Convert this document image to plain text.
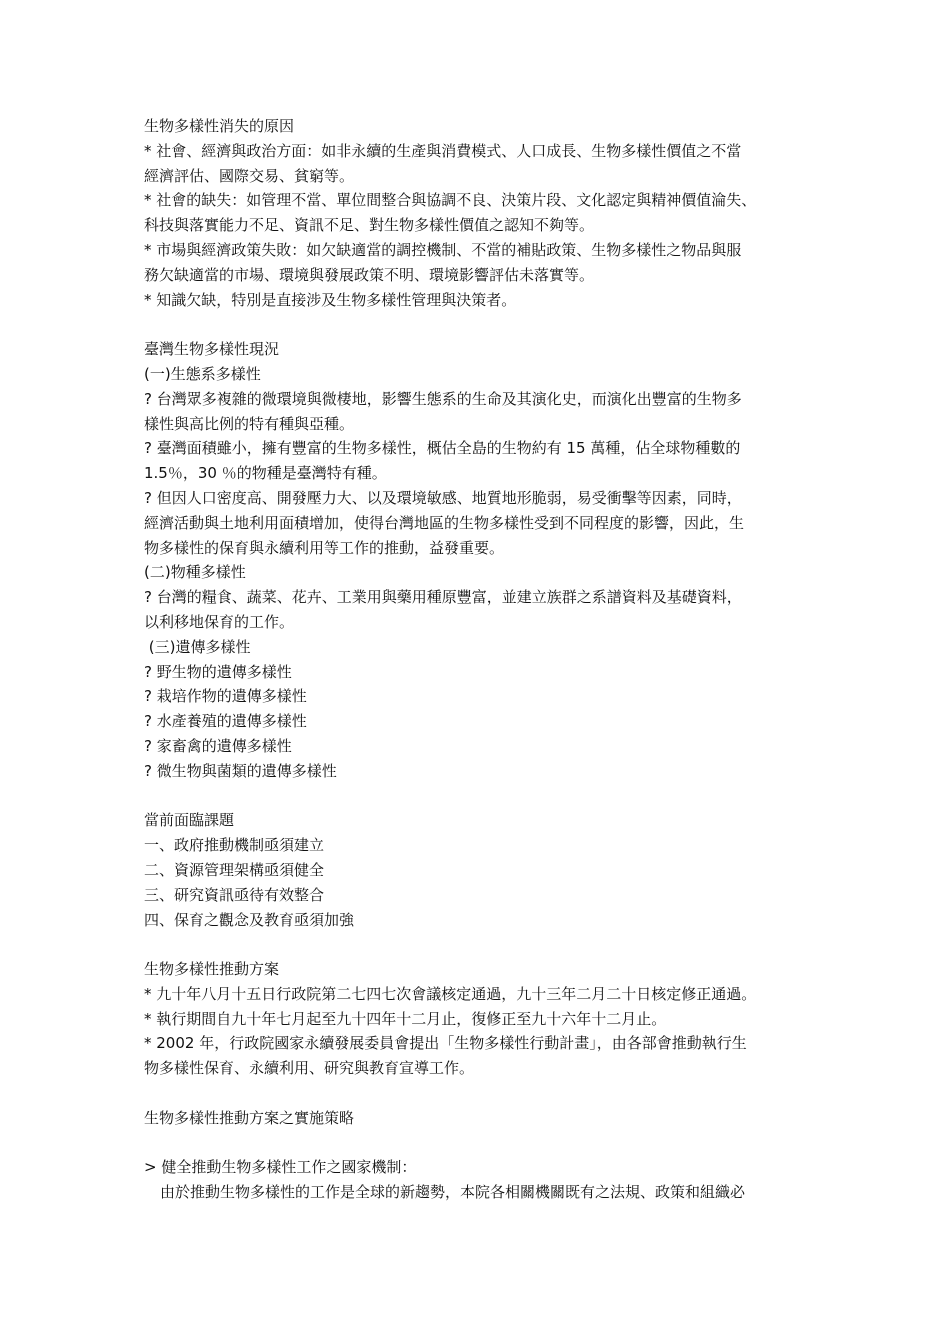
生物多樣性消失的原因
* 社會、經濟與政治方面：如非永續的生產與消費模式、人口成長、生物多樣性價值之不當
經濟評估、國際交易、貧窮等。
* 社會的缺失：如管理不當、單位間整合與協調不良、決策片段、文化認定與精神價值淪失、
科技與落實能力不足、資訊不足、對生物多樣性價值之認知不夠等。
* 市場與經濟政策失敗：如欠缺適當的調控機制、不當的補貼政策、生物多樣性之物品與服
務欠缺適當的市場、環境與發展政策不明、環境影響評估未落實等。
* 知識欠缺，特別是直接涉及生物多樣性管理與決策者。
臺灣生物多樣性現況
(一)生態系多樣性
? 台灣眾多複雜的微環境與微棲地，影響生態系的生命及其演化史，而演化出豐富的生物多
樣性與高比例的特有種與亞種。
? 臺灣面積雖小，擁有豐富的生物多樣性，概估全島的生物約有 15 萬種，佔全球物種數的
1.5％，30 ％的物種是臺灣特有種。
? 但因人口密度高、開發壓力大、以及環境敏感、地質地形脆弱，易受衝擊等因素，同時，
經濟活動與土地利用面積增加，使得台灣地區的生物多樣性受到不同程度的影響，因此，生
物多樣性的保育與永續利用等工作的推動，益發重要。
(二)物種多樣性
? 台灣的糧食、蔬菜、花卉、工業用與藥用種原豐富，並建立族群之系譜資料及基礎資料，
以利移地保育的工作。
(三)遺傳多樣性
? 野生物的遺傳多樣性
? 栽培作物的遺傳多樣性
? 水產養殖的遺傳多樣性
? 家畜禽的遺傳多樣性
? 微生物與菌類的遺傳多樣性
當前面臨課題
一、政府推動機制亟須建立
二、資源管理架構亟須健全
三、研究資訊亟待有效整合
四、保育之觀念及教育亟須加強
生物多樣性推動方案
* 九十年八月十五日行政院第二七四七次會議核定通過，九十三年二月二十日核定修正通過。
* 執行期間自九十年七月起至九十四年十二月止，復修正至九十六年十二月止。
* 2002 年，行政院國家永續發展委員會提出「生物多樣性行動計畫」，由各部會推動執行生
物多樣性保育、永續利用、研究與教育宣導工作。
生物多樣性推動方案之實施策略
> 健全推動生物多樣性工作之國家機制：
由於推動生物多樣性的工作是全球的新趨勢，本院各相關機關既有之法規、政策和組織必
